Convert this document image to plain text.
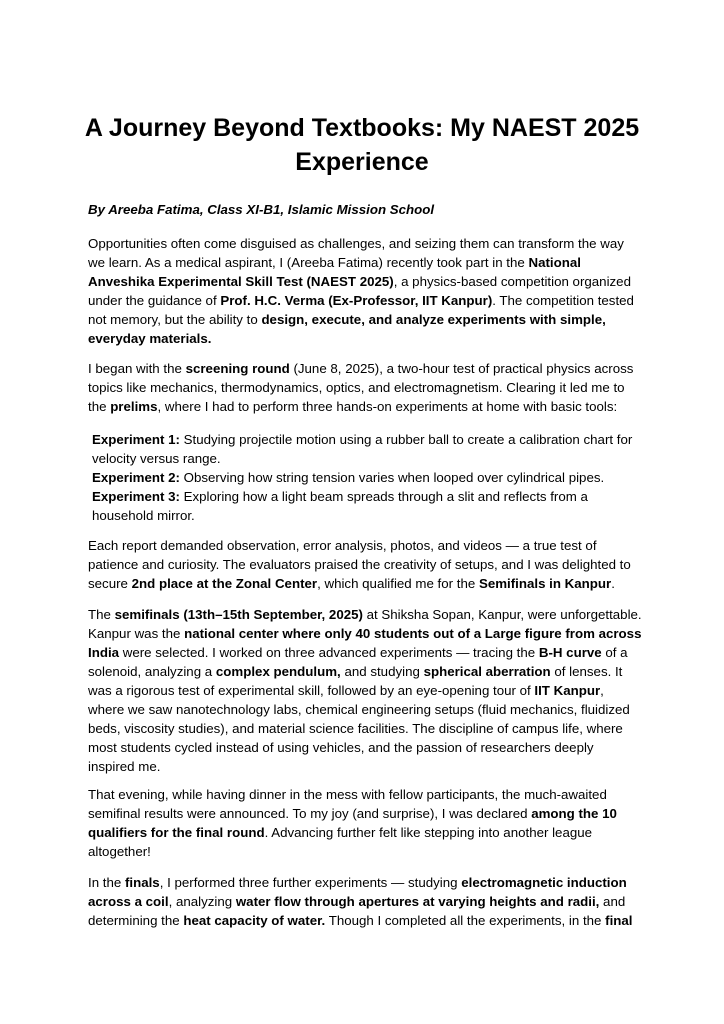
A Journey Beyond Textbooks: My NAEST 2025 Experience

By Areeba Fatima, Class XI-B1, Islamic Mission School

Opportunities often come disguised as challenges, and seizing them can transform the way we learn. As a medical aspirant, I (Areeba Fatima) recently took part in the National Anveshika Experimental Skill Test (NAEST 2025), a physics-based competition organized under the guidance of Prof. H.C. Verma (Ex-Professor, IIT Kanpur). The competition tested not memory, but the ability to design, execute, and analyze experiments with simple, everyday materials.

I began with the screening round (June 8, 2025), a two-hour test of practical physics across topics like mechanics, thermodynamics, optics, and electromagnetism. Clearing it led me to the prelims, where I had to perform three hands-on experiments at home with basic tools:

Experiment 1: Studying projectile motion using a rubber ball to create a calibration chart for velocity versus range.
Experiment 2: Observing how string tension varies when looped over cylindrical pipes.
Experiment 3: Exploring how a light beam spreads through a slit and reflects from a household mirror.

Each report demanded observation, error analysis, photos, and videos — a true test of patience and curiosity. The evaluators praised the creativity of setups, and I was delighted to secure 2nd place at the Zonal Center, which qualified me for the Semifinals in Kanpur.

The semifinals (13th–15th September, 2025) at Shiksha Sopan, Kanpur, were unforgettable. Kanpur was the national center where only 40 students out of a Large figure from across India were selected. I worked on three advanced experiments — tracing the B-H curve of a solenoid, analyzing a complex pendulum, and studying spherical aberration of lenses. It was a rigorous test of experimental skill, followed by an eye-opening tour of IIT Kanpur, where we saw nanotechnology labs, chemical engineering setups (fluid mechanics, fluidized beds, viscosity studies), and material science facilities. The discipline of campus life, where most students cycled instead of using vehicles, and the passion of researchers deeply inspired me.

That evening, while having dinner in the mess with fellow participants, the much-awaited semifinal results were announced. To my joy (and surprise), I was declared among the 10 qualifiers for the final round. Advancing further felt like stepping into another league altogether!

In the finals, I performed three further experiments — studying electromagnetic induction across a coil, analyzing water flow through apertures at varying heights and radii, and determining the heat capacity of water. Though I completed all the experiments, in the final
